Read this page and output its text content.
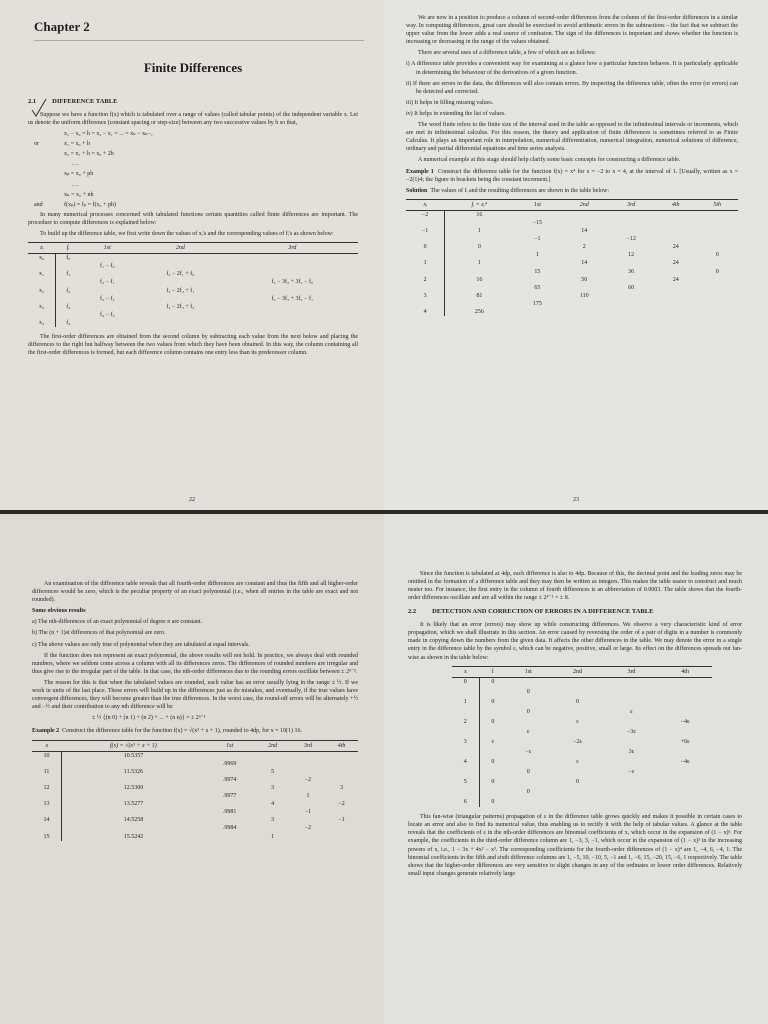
Chapter 2
Finite Differences
2.1 DIFFERENCE TABLE

Suppose we have a function f(x) which is tabulated over a range of values (called tabular points) of the independent variable x. Let us denote the uniform difference (constant spacing or step-size) between any two successive values by h so that,

x₁ − x₀ = h = x₂ − x₁ = ... = xₙ − xₙ₋₁
or	x₁ = x₀ + h
x₂ = x₁ + h = x₀ + 2h
...
xₚ = x₀ + ph
...
xₙ = x₀ + nh
and	f(xₚ) = fₚ = f(x₀ + ph)

In many numerical processes concerned with tabulated functions certain quantities called finite differences are important. The procedure to compute differences is explained below:

To build up the difference table, we first write down the values of xᵢ's and the corresponding values of fᵢ's as shown below:

xᵢ	fᵢ	1st	2nd	3rd
x₀	f₀			
		f₁ − f₀		
x₁	f₁		f₂ − 2f₁ + f₀	
		f₂ − f₁		f₃ − 3f₂ + 3f₁ − f₀
x₂	f₂		f₃ − 2f₂ + f₁	
		f₃ − f₂		f₄ − 3f₃ + 3f₂ − f₁
x₃	f₃		f₄ − 2f₃ + f₂	
		f₄ − f₃		
x₄	f₄			

The first-order differences are obtained from the second column by subtracting each value from the next below and placing the differences to the right but halfway between the two values from which they have been obtained. In this way, the column containing all the first-order differences is formed, but each difference column contains one entry less than its predecessor column.

22

We are now in a position to produce a column of second-order differences from the column of the first-order differences in a similar way. In computing differences, great care should be exercised to avoid arithmetic errors in the subtractions – the fact that we subtract the upper value from the lower adds a real source of confusion. The sign of the differences is important and shows whether the function is increasing or decreasing in the range of the values obtained.

There are several uses of a difference table, a few of which are as follows:

i) A difference table provides a convenient way for examining at a glance how a particular function behaves. It is particularly applicable in determining the behaviour of the derivatives of a given function.

ii) If there are errors in the data, the differences will also contain errors. By inspecting the difference table, often the error (or errors) can be detected and corrected.

iii) It helps in filling missing values.

iv) It helps in extending the list of values.

The word finite refers to the finite size of the interval used in the table as opposed to the infinitesimal intervals or increments, which are met in infinitesimal calculus. For this reason, the theory and application of finite differences is sometimes referred to as Finite Calculus. It plays an important role in interpolation, numerical differentiation, numerical integration, numerical solutions of difference, ordinary and partial differential equations and time series analysis.

A numerical example at this stage should help clarify some basic concepts for constructing a difference table.

Example 1 Construct the difference table for the function f(x) = x⁴ for x = −2 to x = 4, at the interval of 1. [Usually, written as x = −2(1)4; the figure in brackets being the constant increment.]

Solution The values of fᵢ and the resulting differences are shown in the table below:

xᵢ	fᵢ = xᵢ⁴	1st	2nd	3rd	4th	5th
−2	16					
		−15				
−1	1		14			
		−1		−12		
0	0		2		24	
		1		12		0
1	1		14		24	
		15		36		0
2	16		50		24	
		65		60		
3	81		110			
		175				
4	256					
23

An examination of the difference table reveals that all fourth-order differences are constant and thus the fifth and all higher-order differences would be zero, which is the peculiar property of an exact polynomial (i.e., when all entries in the table are exact and not rounded).

Some obvious results

a) The nth-differences of an exact polynomial of degree n are constant.

b) The (n + 1)st differences of that polynomial are zero.

c) The above values are only true of polynomial when they are tabulated at equal intervals.

If the function does not represent an exact polynomial, the above results will not hold. In practice, we always deal with rounded numbers, where we seldom come across a column with all its differences zeros. The differences of rounded numbers are irregular and thus give rise to the irregular part of the table. In that case, the nth-order differences due to the rounding errors oscillate between ± 2ⁿ⁻¹.

The reason for this is that when the tabulated values are rounded, each value has an error usually lying in the range ± ½. If we work in units of the last place. These errors will build up in the differences just as do mistakes, and eventually, if the true values have convergent differences, they will become greater than the true differences. In the worst case, the round-off errors will be alternately +½ and −½ and their contribution to any nth difference will be

± ½ {(n 0) + (n 1) + (n 2) + ... + (n n)} = ± 2ⁿ⁻¹

Example 2 Construct the difference table for the function f(x) = √(x³ + x + 1), rounded to 4dp, for x = 10(1) 16.

x	f(x) = √(x³ + x + 1)	1st	2nd	3rd	4th
10	10.5357				
		.9969			
11	11.5326		5		
		.9974		−2	
12	12.5300		3		3
		.9977		1	
13	13.5277		4		−2
		.9981		−1	
14	14.5258		3		−1
		.9984		−2	
15	15.5242		1		

Since the function is tabulated at 4dp, each difference is also to 4dp. Because of this, the decimal point and the leading zeros may be omitted in the formation of a difference table and they may then be written as integers. This makes the table easier to construct and much neater too. For instance, the first entry in the column of fourth differences is an abbreviation of 0.0003. The table shows that the fourth-order differences oscillate and are all within the range ± 2⁴⁻¹ = ± 8.

2.2 DETECTION AND CORRECTION OF ERRORS IN A DIFFERENCE TABLE

It is likely that an error (errors) may show up while constructing differences. We observe a very characteristic kind of error propagation, which we shall illustrate in this section. An error caused by reversing the order of a pair of digits in a number is commonly made in copying down the numbers from the given data. It affects the other differences in the table. We may denote the error in a single entry in the difference table by the symbol ε, which can be negative, positive, small or large. Its effect on the differences spreads out fan-wise as shown in the table below:

x	f	1st	2nd	3rd	4th
0	0				
		0			
1	0		0		
		0		ε	
2	0		ε		−4ε
		ε		−3ε	
3	ε		−2ε		+6ε
		−ε		3ε	
4	0		ε		−4ε
		0		−ε	
5	0		0		
		0			
6	0				

This fan-wise (triangular patterns) propagation of ε in the difference table grows quickly and makes it possible in certain cases to locate an error and also to find its numerical value, thus enabling us to rectify it with the help of tabular values. A glance at the table reveals that the coefficients of ε in the nth-order differences are binomial coefficients of x, which occur in the expansion of (1 − x)ⁿ. For example, the coefficients in the third-order difference column are 1, −3, 3, −1, which occur in the expansion of (1 − x)³ in the increasing powers of x, i.e., 1 − 3x + 4x² − x³. The corresponding coefficients for the fourth-order differences of (1 − x)⁴ are 1, −4, 6, −4, 1. The binomial coefficients in the fifth and sixth difference columns are 1, −5, 10, −10, 5, −1 and 1, −6, 15, −20, 15, −6, 1 respectively. The table shows that the higher-order differences are very sensitive to slight changes in any of the ordinates or lower order differences. Relatively small input changes generate relatively large
